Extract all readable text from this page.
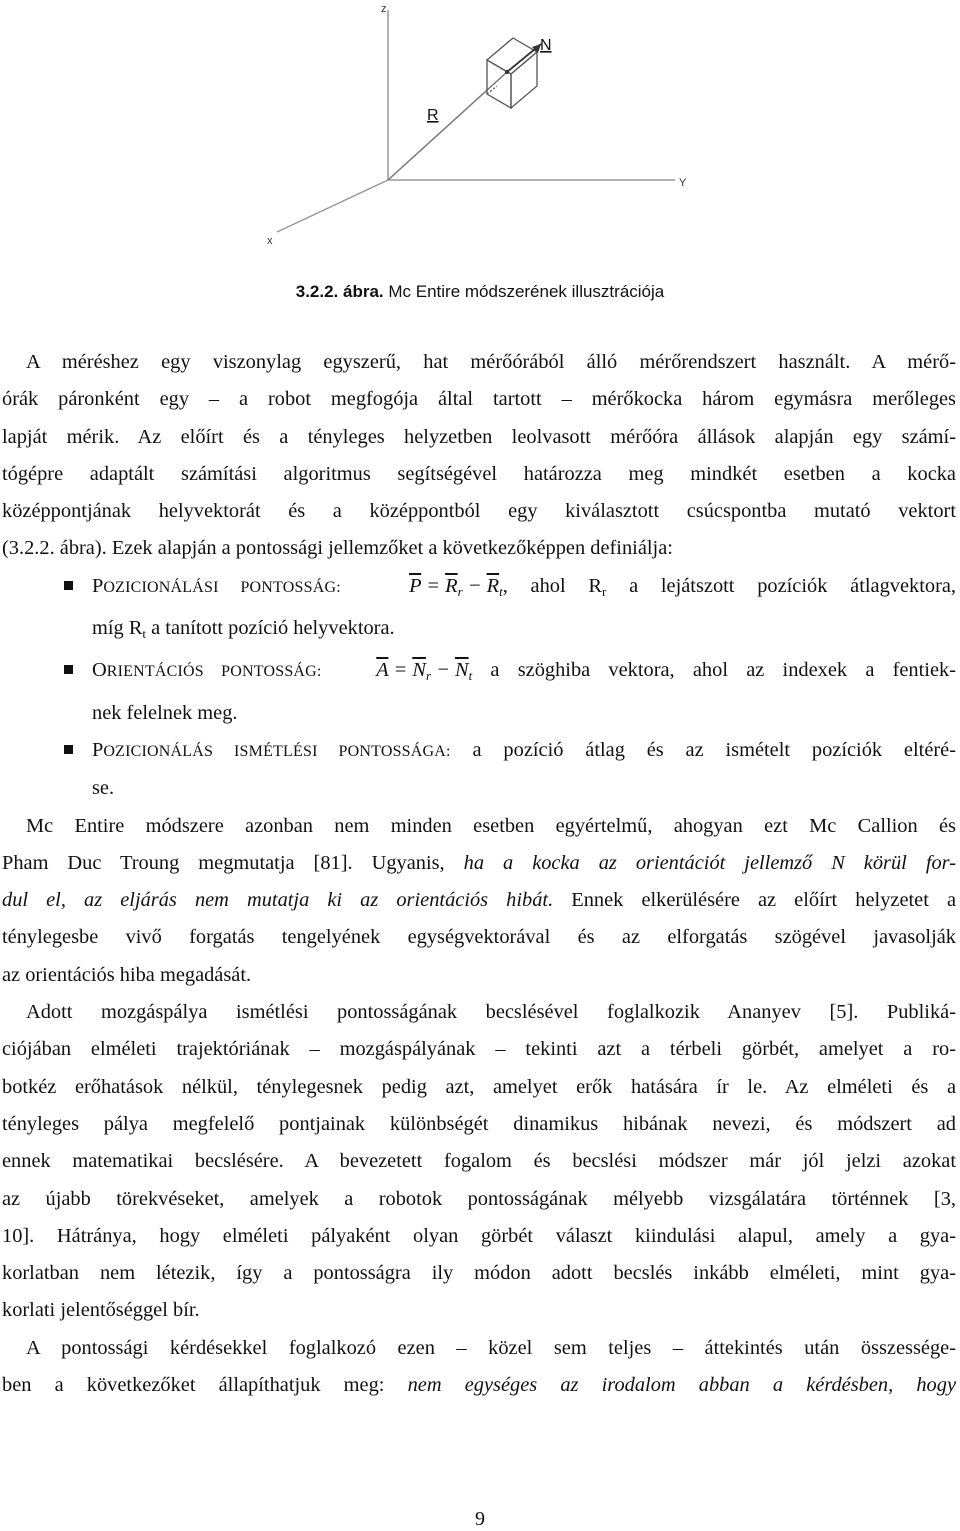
z
Y
x
R
N
3.2.2. ábra. Mc Entire módszerének illusztrációja
A méréshez egy viszonylag egyszerű, hat mérőórából álló mérőrendszert használt. A mérő-
órák páronként egy – a robot megfogója által tartott – mérőkocka három egymásra merőleges
lapját mérik. Az előírt és a tényleges helyzetben leolvasott mérőóra állások alapján egy számí-
tógépre adaptált számítási algoritmus segítségével határozza meg mindkét esetben a kocka
középpontjának helyvektorát és a középpontból egy kiválasztott csúcspontba mutató vektort
(3.2.2. ábra). Ezek alapján a pontossági jellemzőket a következőképpen definiálja:
POZICIONÁLÁSI PONTOSSÁG:	$\overline{P} = \overline{R}_r - \overline{R}_t$, ahol Rr a lejátszott pozíciók átlagvektora,
míg Rt a tanított pozíció helyvektora.
ORIENTÁCIÓS PONTOSSÁG:	$\overline{A} = \overline{N}_r - \overline{N}_t$ a szöghiba vektora, ahol az indexek a fentiek-
nek felelnek meg.
POZICIONÁLÁS ISMÉTLÉSI PONTOSSÁGA: a pozíció átlag és az ismételt pozíciók eltéré-
se.
Mc Entire módszere azonban nem minden esetben egyértelmű, ahogyan ezt Mc Callion és
Pham Duc Troung megmutatja [81]. Ugyanis, ha a kocka az orientációt jellemző N körül for-
dul el, az eljárás nem mutatja ki az orientációs hibát. Ennek elkerülésére az előírt helyzetet a
ténylegesbe vivő forgatás tengelyének egységvektorával és az elforgatás szögével javasolják
az orientációs hiba megadását.
Adott mozgáspálya ismétlési pontosságának becslésével foglalkozik Ananyev [5]. Publiká-
ciójában elméleti trajektóriának – mozgáspályának – tekinti azt a térbeli görbét, amelyet a ro-
botkéz erőhatások nélkül, ténylegesnek pedig azt, amelyet erők hatására ír le. Az elméleti és a
tényleges pálya megfelelő pontjainak különbségét dinamikus hibának nevezi, és módszert ad
ennek matematikai becslésére. A bevezetett fogalom és becslési módszer már jól jelzi azokat
az újabb törekvéseket, amelyek a robotok pontosságának mélyebb vizsgálatára történnek [3,
10]. Hátránya, hogy elméleti pályaként olyan görbét választ kiindulási alapul, amely a gya-
korlatban nem létezik, így a pontosságra ily módon adott becslés inkább elméleti, mint gya-
korlati jelentőséggel bír.
A pontossági kérdésekkel foglalkozó ezen – közel sem teljes – áttekintés után összessége-
ben a következőket állapíthatjuk meg: nem egységes az irodalom abban a kérdésben, hogy
9
